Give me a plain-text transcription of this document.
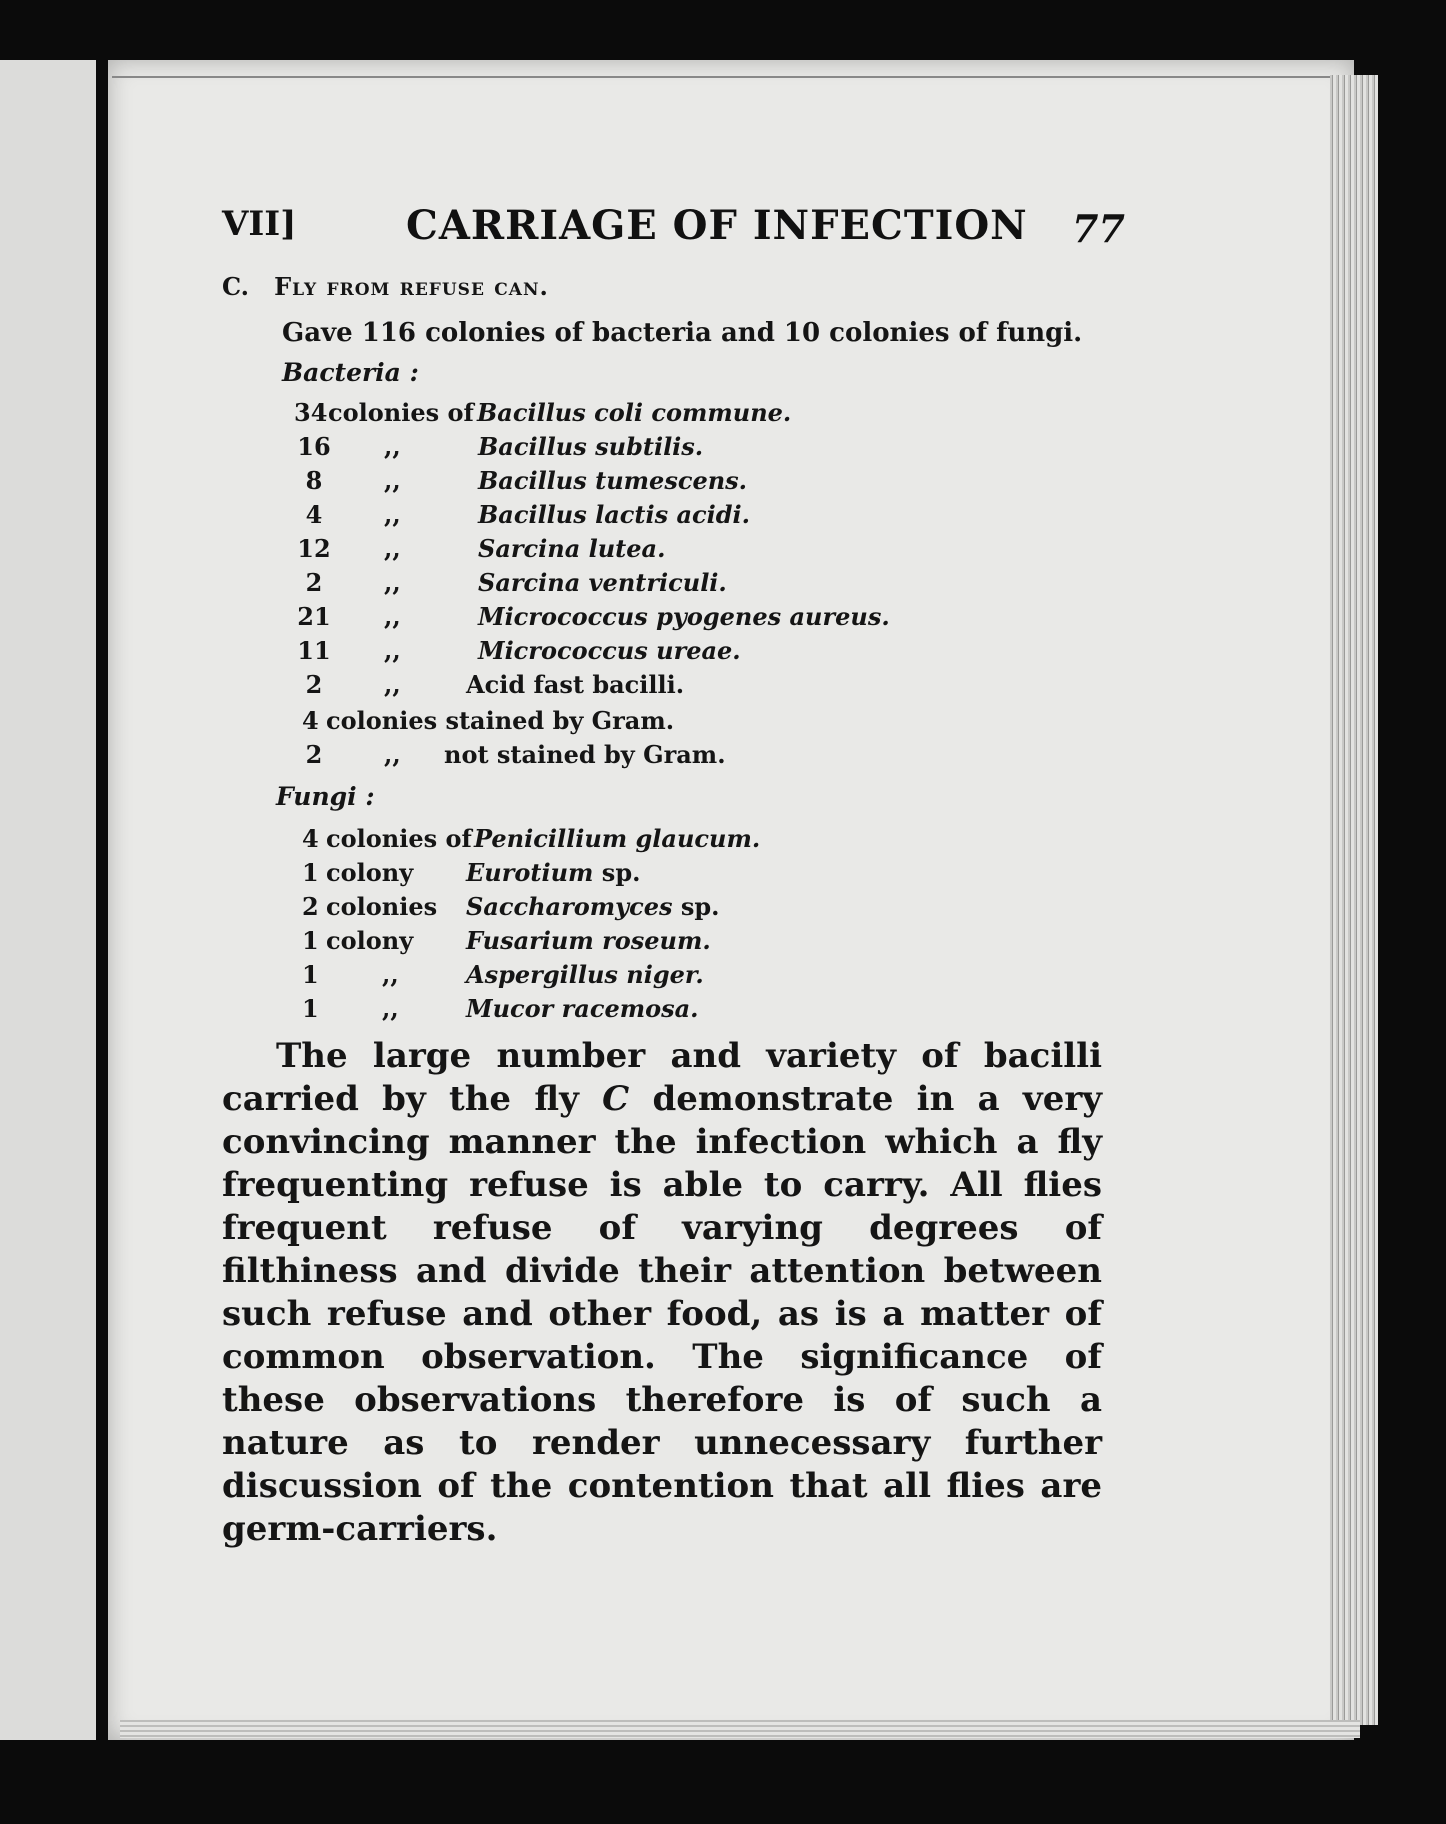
VII]	CARRIAGE OF INFECTION 77
C. Fly from refuse can.
Gave 116 colonies of bacteria and 10 colonies of fungi.
Bacteria :
34 colonies of Bacillus coli commune.
16 ,,	Bacillus subtilis.
8	,,	Bacillus tumescens.
4	,,	Bacillus lactis acidi.
12 ,,	Sarcina lutea.
2	,,	Sarcina ventriculi.
21 ,,	Micrococcus pyogenes aureus.
11 ,,	Micrococcus ureae.
2	,,	Acid fast bacilli.
4 colonies stained by Gram.
2	,, not stained by Gram.
Fungi :
4 colonies of Penicillium glaucum.
1 colony Eurotium sp.
2 colonies Saccharomyces sp.
1 colony Fusarium roseum.
1	,,	Aspergillus niger.
1	,,	Mucor racemosa.
The large number and variety of bacilli carried by the fly C demonstrate in a very convincing manner the infection which a fly frequenting refuse is able to carry. All flies frequent refuse of varying degrees of filthiness and divide their attention between such refuse and other food, as is a matter of common observation. The significance of these observations therefore is of such a nature as to render unnecessary further discussion of the contention that all flies are germ-carriers.
